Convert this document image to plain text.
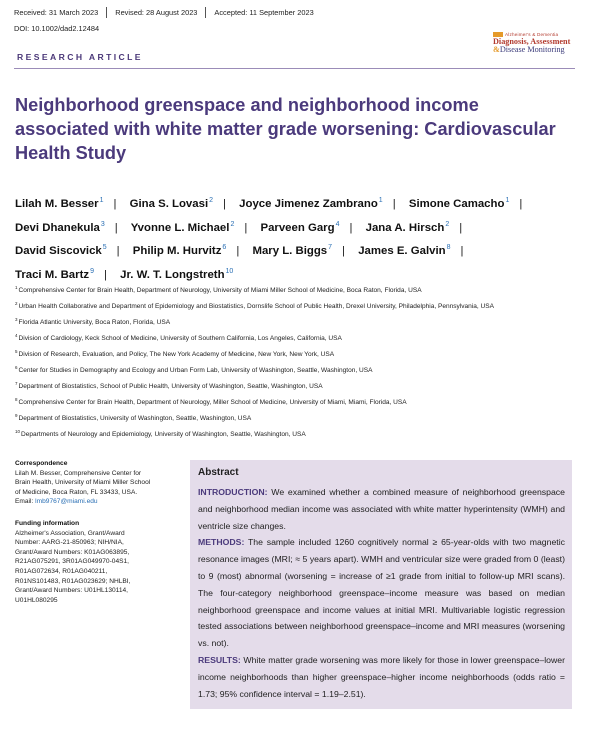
Received: 31 March 2023 Revised: 28 August 2023 Accepted: 11 September 2023
DOI: 10.1002/dad2.12484
Alzheimer's & Dementia
Diagnosis, Assessment
&Disease Monitoring
RESEARCH ARTICLE
Neighborhood greenspace and neighborhood income associated with white matter grade worsening: Cardiovascular Health Study
Lilah M. Besser$^1$ | Gina S. Lovasi$^2$ | Joyce Jimenez Zambrano$^1$ | Simone Camacho$^1$ | Devi Dhanekula$^3$ | Yvonne L. Michael$^2$ | Parveen Garg$^4$ | Jana A. Hirsch$^2$ | David Siscovick$^5$ | Philip M. Hurvitz$^6$ | Mary L. Biggs$^7$ | James E. Galvin$^8$ | Traci M. Bartz$^9$ | Jr. W. T. Longstreth$^{10}$
$^1$Comprehensive Center for Brain Health, Department of Neurology, University of Miami Miller School of Medicine, Boca Raton, Florida, USA
$^2$Urban Health Collaborative and Department of Epidemiology and Biostatistics, Dornslife School of Public Health, Drexel University, Philadelphia, Pennsylvania, USA
$^3$Florida Atlantic University, Boca Raton, Florida, USA
$^4$Division of Cardiology, Keck School of Medicine, University of Southern California, Los Angeles, California, USA
$^5$Division of Research, Evaluation, and Policy, The New York Academy of Medicine, New York, New York, USA
$^6$Center for Studies in Demography and Ecology and Urban Form Lab, University of Washington, Seattle, Washington, USA
$^7$Department of Biostatistics, School of Public Health, University of Washington, Seattle, Washington, USA
$^8$Comprehensive Center for Brain Health, Department of Neurology, Miller School of Medicine, University of Miami, Miami, Florida, USA
$^9$Department of Biostatistics, University of Washington, Seattle, Washington, USA
$^{10}$Departments of Neurology and Epidemiology, University of Washington, Seattle, Washington, USA
Correspondence
Lilah M. Besser, Comprehensive Center for
Brain Health, University of Miami Miller School
of Medicine, Boca Raton, FL 33433, USA.
Email: lmb9767@miami.edu
Funding information
Alzheimer's Association, Grant/Award
Number: AARG-21-850963; NIH/NIA,
Grant/Award Numbers: K01AG063895,
R21AG075291, 3R01AG049970-04S1,
R01AG072634, R01AG040211,
R01NS101483, R01AG023629; NHLBI,
Grant/Award Numbers: U01HL130114,
U01HL080295
Abstract

INTRODUCTION: We examined whether a combined measure of neighborhood greenspace and neighborhood median income was associated with white matter hyperintensity (WMH) and ventricle size changes.

METHODS: The sample included 1260 cognitively normal ≥ 65-year-olds with two magnetic resonance images (MRI; ≈ 5 years apart). WMH and ventricular size were graded from 0 (least) to 9 (most) abnormal (worsening = increase of ≥1 grade from initial to follow-up MRI scans). The four-category neighborhood greenspace–income measure was based on median neighborhood greenspace and income values at initial MRI. Multivariable logistic regression tested associations between neighborhood greenspace–income and MRI measures (worsening vs. not).

RESULTS: White matter grade worsening was more likely for those in lower greenspace–lower income neighborhoods than higher greenspace–higher income neighborhoods (odds ratio = 1.73; 95% confidence interval = 1.19–2.51).
